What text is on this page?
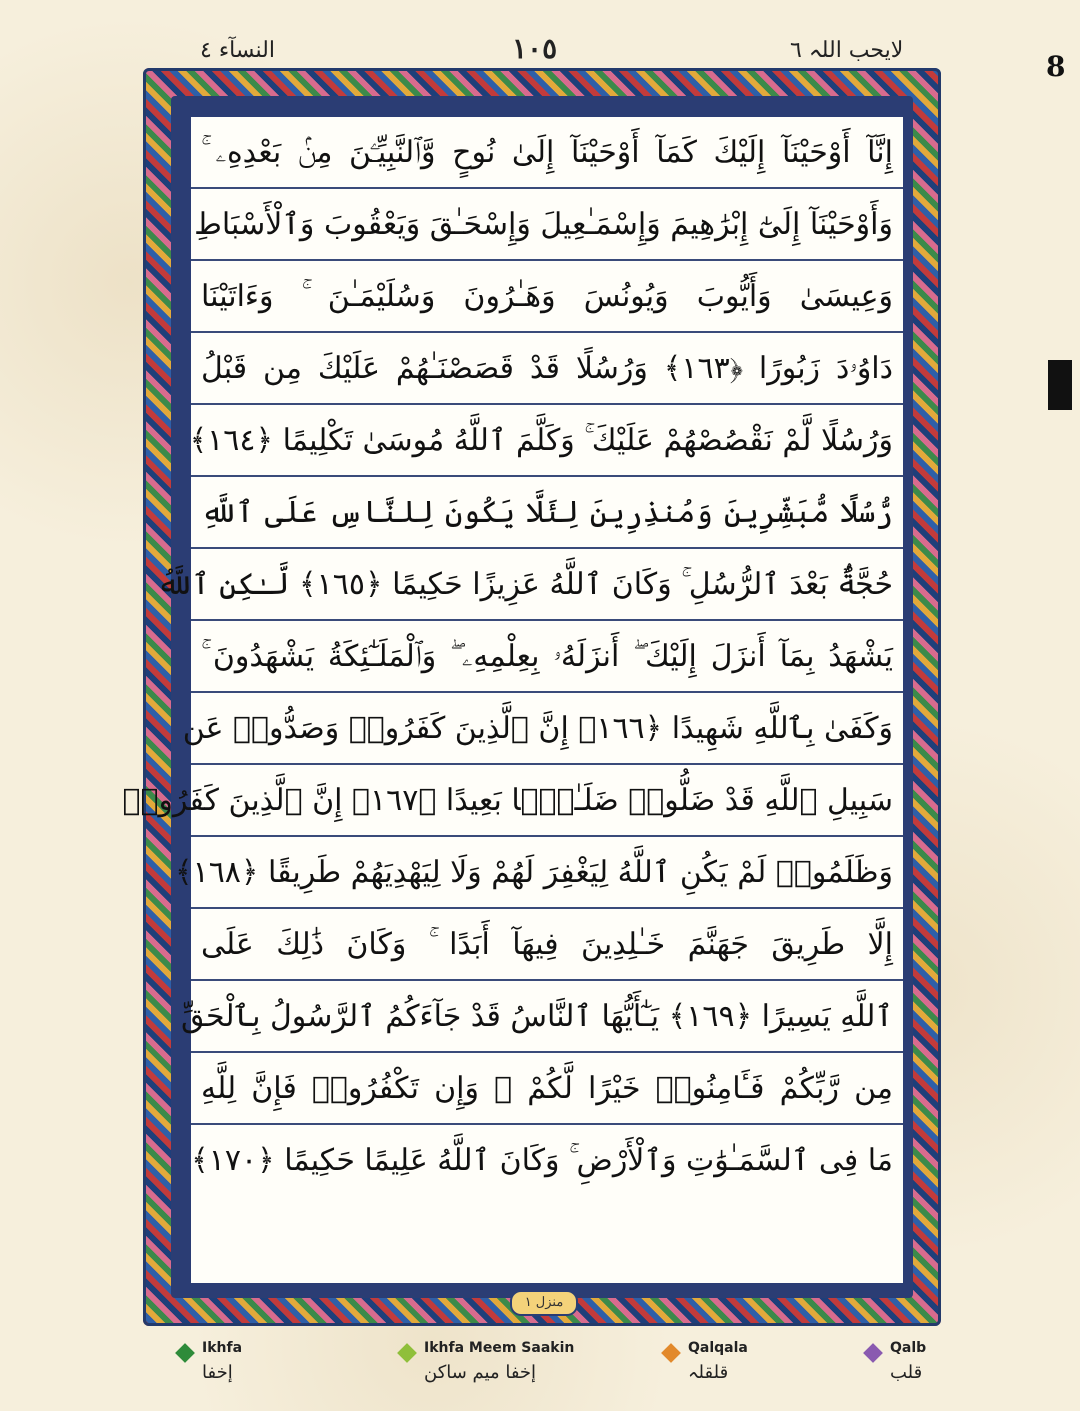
النسآء ٤	١٠٥	لایحب اللہ ٦	8
إِنَّآ أَوْحَيْنَآ إِلَيْكَ كَمَآ أَوْحَيْنَآ إِلَىٰ نُوحٍ وَّٱلنَّبِيِّـۧنَ مِنۢ بَعْدِهِۦ ۚ
وَأَوْحَيْنَآ إِلَىٰٓ إِبْرَٰهِيمَ وَإِسْمَـٰعِيلَ وَإِسْحَـٰقَ وَيَعْقُوبَ وَٱلْأَسْبَاطِ
وَعِيسَىٰ وَأَيُّوبَ وَيُونُسَ وَهَـٰرُونَ وَسُلَيْمَـٰنَ ۚ وَءَاتَيْنَا
دَاوُۥدَ زَبُورًا ﴿١٦٣﴾ وَرُسُلًا قَدْ قَصَصْنَـٰهُمْ عَلَيْكَ مِن قَبْلُ
وَرُسُلًا لَّمْ نَقْصُصْهُمْ عَلَيْكَ ۚ وَكَلَّمَ ٱللَّهُ مُوسَىٰ تَكْلِيمًا ﴿١٦٤﴾
رُّسُلًا مُّبَشِّرِينَ وَمُنذِرِينَ لِئَلَّا يَكُونَ لِلنَّاسِ عَلَى ٱللَّهِ
حُجَّةٌۢ بَعْدَ ٱلرُّسُلِ ۚ وَكَانَ ٱللَّهُ عَزِيزًا حَكِيمًا ﴿١٦٥﴾ لَّـٰكِنِ ٱللَّهُ
يَشْهَدُ بِمَآ أَنزَلَ إِلَيْكَ ۖ أَنزَلَهُۥ بِعِلْمِهِۦ ۖ وَٱلْمَلَـٰٓئِكَةُ يَشْهَدُونَ ۚ
وَكَفَىٰ بِٱللَّهِ شَهِيدًا ﴿١٦٦﴾ إِنَّ ٱلَّذِينَ كَفَرُوا۟ وَصَدُّوا۟ عَن
سَبِيلِ ٱللَّهِ قَدْ ضَلُّوا۟ ضَلَـٰلًۢا بَعِيدًا ﴿١٦٧﴾ إِنَّ ٱلَّذِينَ كَفَرُوا۟
وَظَلَمُوا۟ لَمْ يَكُنِ ٱللَّهُ لِيَغْفِرَ لَهُمْ وَلَا لِيَهْدِيَهُمْ طَرِيقًا ﴿١٦٨﴾
إِلَّا طَرِيقَ جَهَنَّمَ خَـٰلِدِينَ فِيهَآ أَبَدًا ۚ وَكَانَ ذَٰلِكَ عَلَى
ٱللَّهِ يَسِيرًا ﴿١٦٩﴾ يَـٰٓأَيُّهَا ٱلنَّاسُ قَدْ جَآءَكُمُ ٱلرَّسُولُ بِٱلْحَقِّ
مِن رَّبِّكُمْ فَـَٔامِنُوا۟ خَيْرًا لَّكُمْ ۚ وَإِن تَكْفُرُوا۟ فَإِنَّ لِلَّهِ
مَا فِى ٱلسَّمَـٰوَٰتِ وَٱلْأَرْضِ ۚ وَكَانَ ٱللَّهُ عَلِيمًا حَكِيمًا ﴿١٧٠﴾
منزل ١
Ikhfa
إخفا
Ikhfa Meem Saakin
إخفا میم ساکن
Qalqala
قلقلہ
Qalb
قلب
